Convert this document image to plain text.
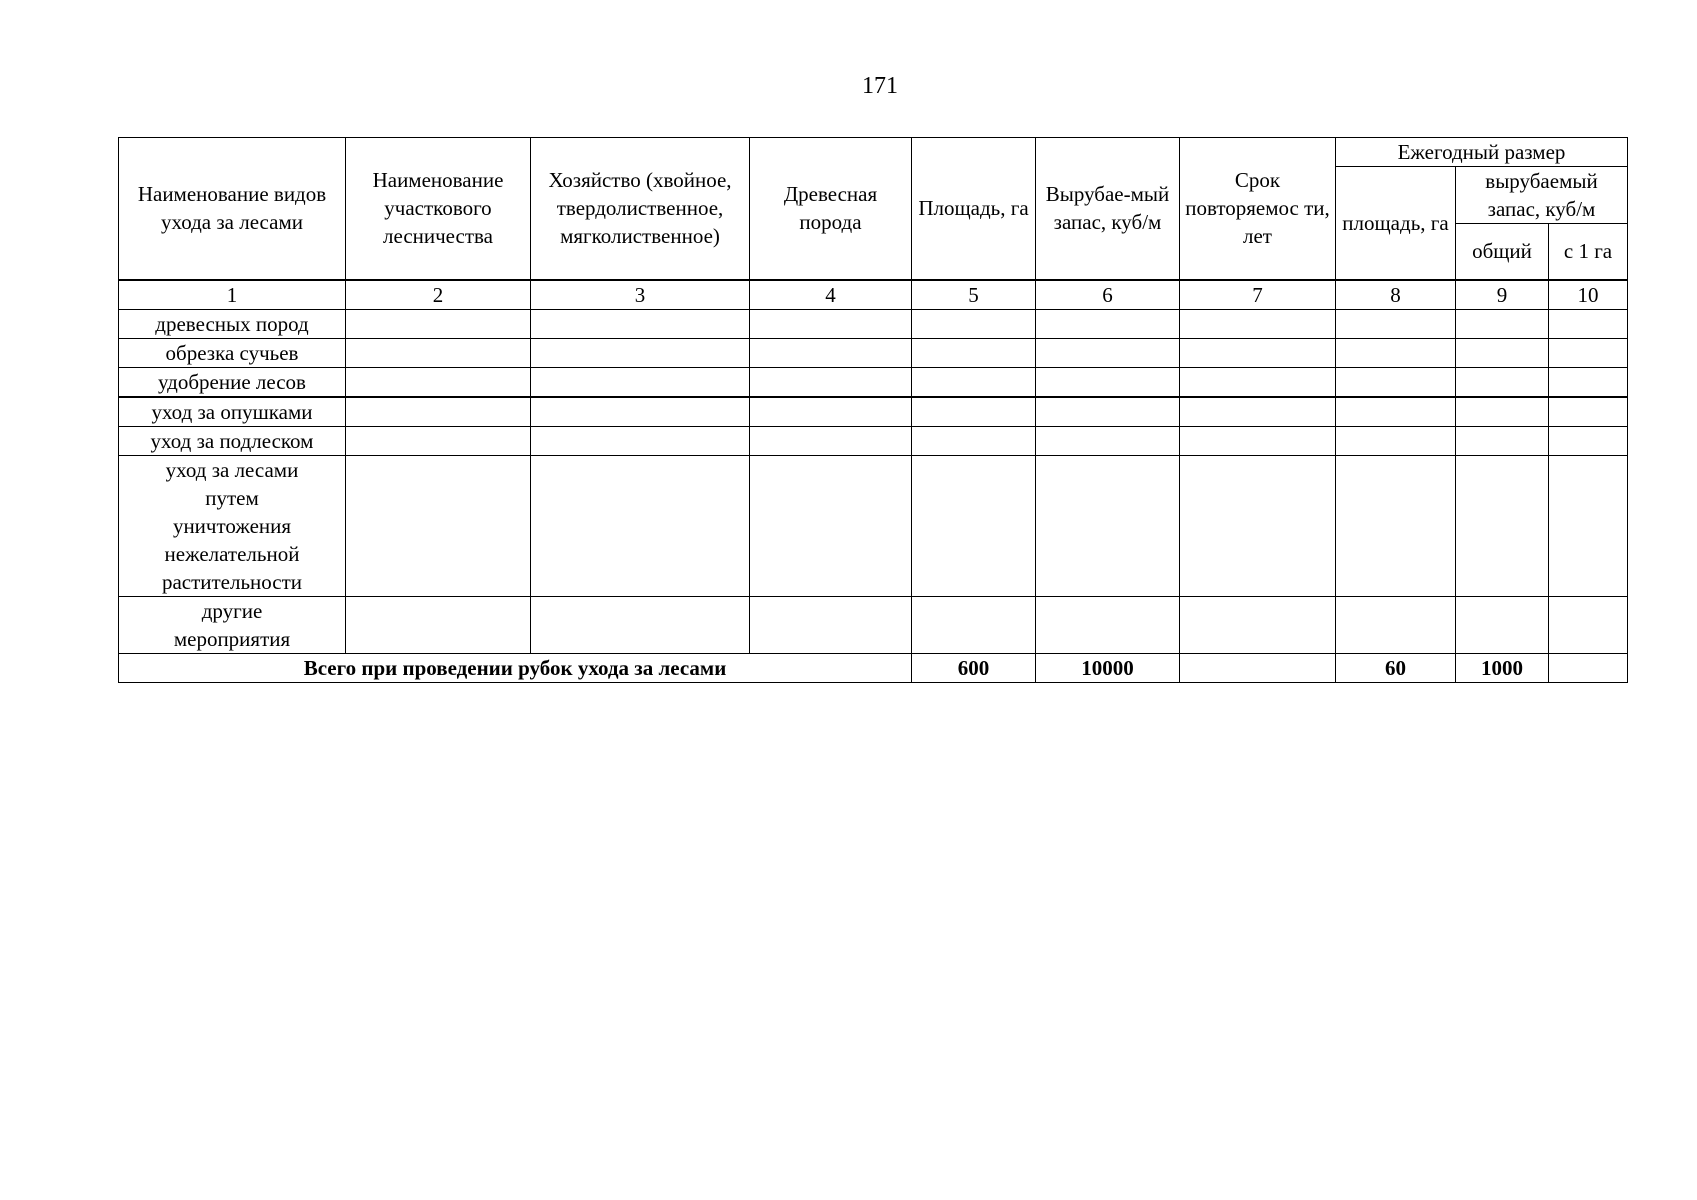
171
Наименование видов ухода за лесами	Наименование участкового лесничества	Хозяйство (хвойное, твердолиственное, мягколиственное)	Древесная порода	Площадь, га	Вырубае-мый запас, куб/м	Срок повторяемос ти, лет	Ежегодный размер		
							площадь, га	вырубаемый запас, куб/м	
								общий	с 1 га
1	2	3	4	5	6	7	8	9	10
древесных пород									
обрезка сучьев									
удобрение лесов									
уход за опушками									
уход за подлеском									
уход за лесами путем уничтожения нежелательной растительности									
другие мероприятия									
Всего при проведении рубок ухода за лесами				600	10000		60	1000	
